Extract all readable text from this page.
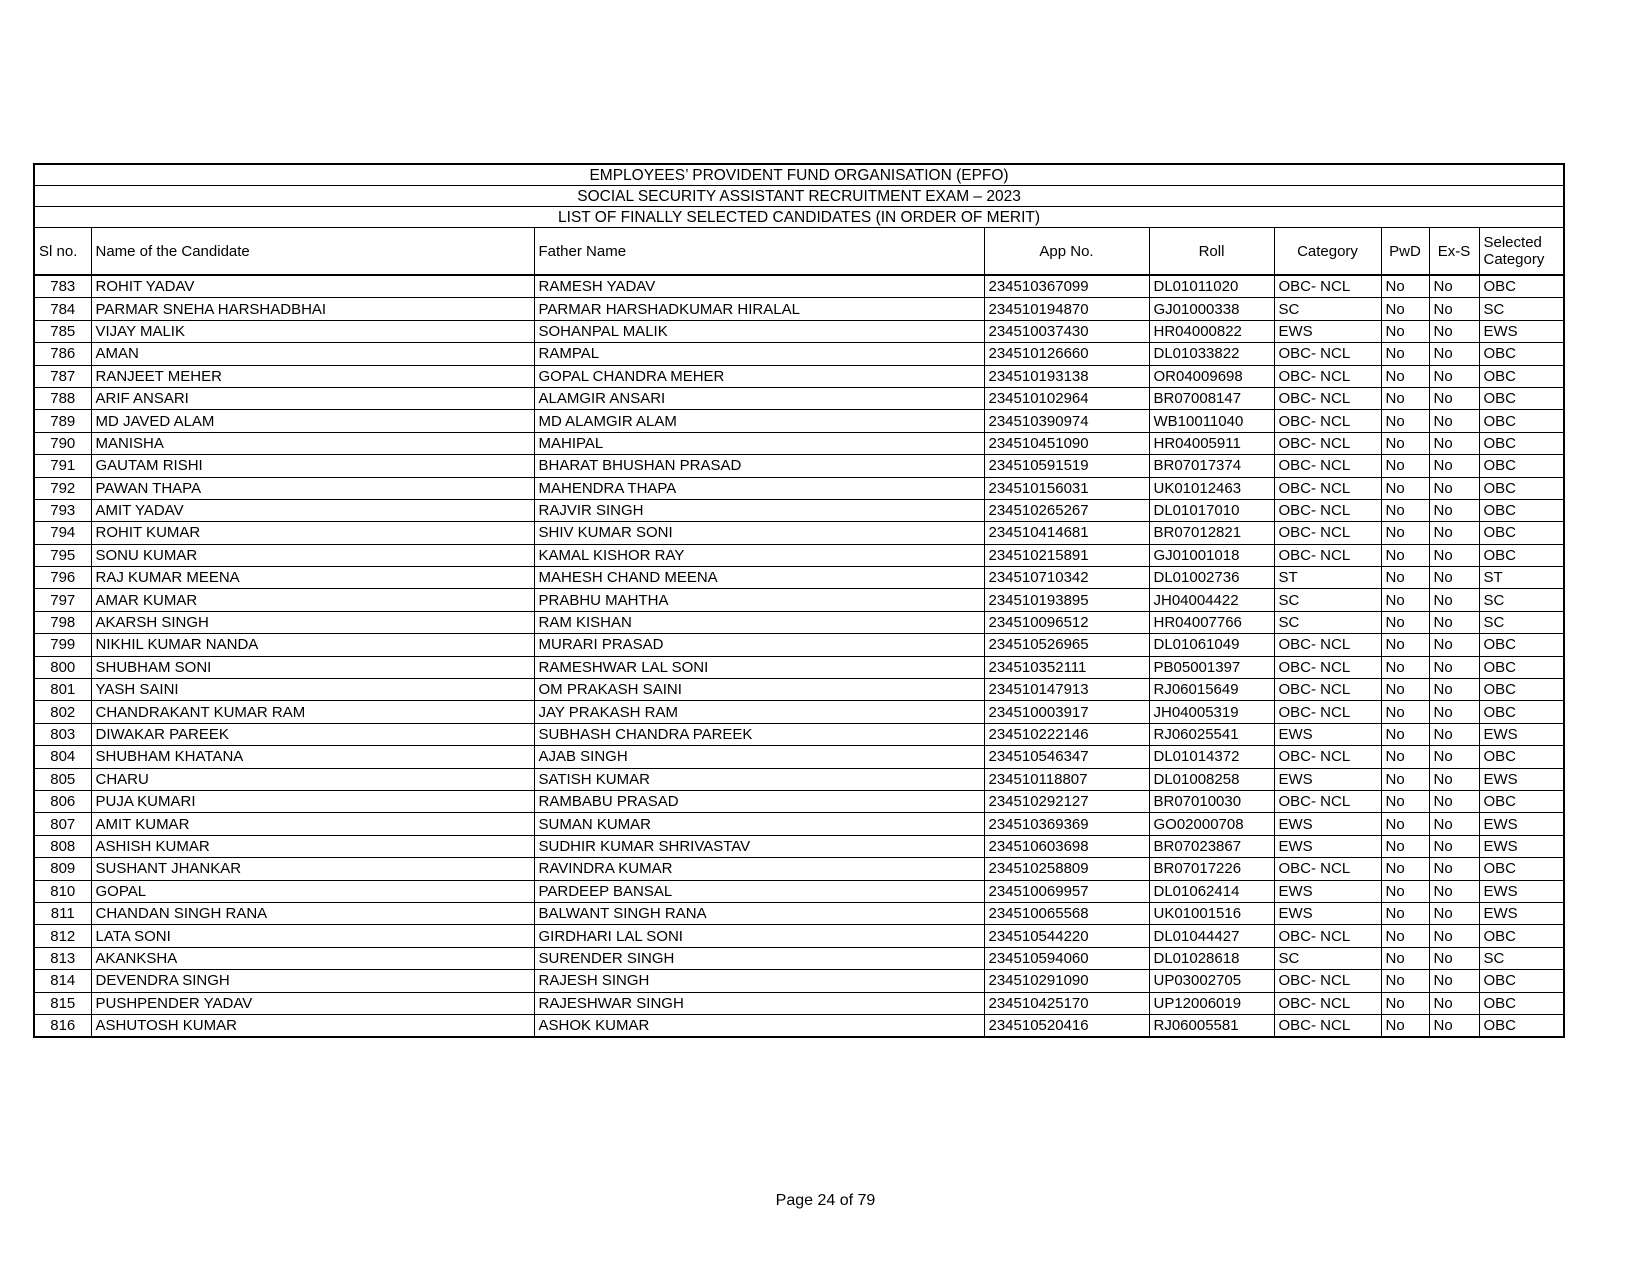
EMPLOYEES’ PROVIDENT FUND ORGANISATION (EPFO)								
SOCIAL SECURITY ASSISTANT RECRUITMENT EXAM – 2023								
LIST OF FINALLY SELECTED CANDIDATES (IN ORDER OF MERIT)								
Sl no.	Name of the Candidate	Father Name	App No.	Roll	Category	PwD	Ex-S	Selected Category
783	ROHIT YADAV	RAMESH YADAV	234510367099	DL01011020	OBC- NCL	No	No	OBC
784	PARMAR SNEHA HARSHADBHAI	PARMAR HARSHADKUMAR HIRALAL	234510194870	GJ01000338	SC	No	No	SC
785	VIJAY MALIK	SOHANPAL MALIK	234510037430	HR04000822	EWS	No	No	EWS
786	AMAN	RAMPAL	234510126660	DL01033822	OBC- NCL	No	No	OBC
787	RANJEET MEHER	GOPAL CHANDRA MEHER	234510193138	OR04009698	OBC- NCL	No	No	OBC
788	ARIF ANSARI	ALAMGIR ANSARI	234510102964	BR07008147	OBC- NCL	No	No	OBC
789	MD JAVED ALAM	MD ALAMGIR ALAM	234510390974	WB10011040	OBC- NCL	No	No	OBC
790	MANISHA	MAHIPAL	234510451090	HR04005911	OBC- NCL	No	No	OBC
791	GAUTAM RISHI	BHARAT BHUSHAN PRASAD	234510591519	BR07017374	OBC- NCL	No	No	OBC
792	PAWAN THAPA	MAHENDRA THAPA	234510156031	UK01012463	OBC- NCL	No	No	OBC
793	AMIT YADAV	RAJVIR SINGH	234510265267	DL01017010	OBC- NCL	No	No	OBC
794	ROHIT KUMAR	SHIV KUMAR SONI	234510414681	BR07012821	OBC- NCL	No	No	OBC
795	SONU KUMAR	KAMAL KISHOR RAY	234510215891	GJ01001018	OBC- NCL	No	No	OBC
796	RAJ KUMAR MEENA	MAHESH CHAND MEENA	234510710342	DL01002736	ST	No	No	ST
797	AMAR KUMAR	PRABHU MAHTHA	234510193895	JH04004422	SC	No	No	SC
798	AKARSH SINGH	RAM KISHAN	234510096512	HR04007766	SC	No	No	SC
799	NIKHIL KUMAR NANDA	MURARI PRASAD	234510526965	DL01061049	OBC- NCL	No	No	OBC
800	SHUBHAM SONI	RAMESHWAR LAL SONI	234510352111	PB05001397	OBC- NCL	No	No	OBC
801	YASH SAINI	OM PRAKASH SAINI	234510147913	RJ06015649	OBC- NCL	No	No	OBC
802	CHANDRAKANT KUMAR RAM	JAY PRAKASH RAM	234510003917	JH04005319	OBC- NCL	No	No	OBC
803	DIWAKAR PAREEK	SUBHASH CHANDRA PAREEK	234510222146	RJ06025541	EWS	No	No	EWS
804	SHUBHAM KHATANA	AJAB SINGH	234510546347	DL01014372	OBC- NCL	No	No	OBC
805	CHARU	SATISH KUMAR	234510118807	DL01008258	EWS	No	No	EWS
806	PUJA KUMARI	RAMBABU PRASAD	234510292127	BR07010030	OBC- NCL	No	No	OBC
807	AMIT KUMAR	SUMAN KUMAR	234510369369	GO02000708	EWS	No	No	EWS
808	ASHISH KUMAR	SUDHIR KUMAR SHRIVASTAV	234510603698	BR07023867	EWS	No	No	EWS
809	SUSHANT JHANKAR	RAVINDRA KUMAR	234510258809	BR07017226	OBC- NCL	No	No	OBC
810	GOPAL	PARDEEP BANSAL	234510069957	DL01062414	EWS	No	No	EWS
811	CHANDAN SINGH RANA	BALWANT SINGH RANA	234510065568	UK01001516	EWS	No	No	EWS
812	LATA SONI	GIRDHARI LAL SONI	234510544220	DL01044427	OBC- NCL	No	No	OBC
813	AKANKSHA	SURENDER SINGH	234510594060	DL01028618	SC	No	No	SC
814	DEVENDRA SINGH	RAJESH SINGH	234510291090	UP03002705	OBC- NCL	No	No	OBC
815	PUSHPENDER YADAV	RAJESHWAR SINGH	234510425170	UP12006019	OBC- NCL	No	No	OBC
816	ASHUTOSH KUMAR	ASHOK KUMAR	234510520416	RJ06005581	OBC- NCL	No	No	OBC
Page 24 of 79
